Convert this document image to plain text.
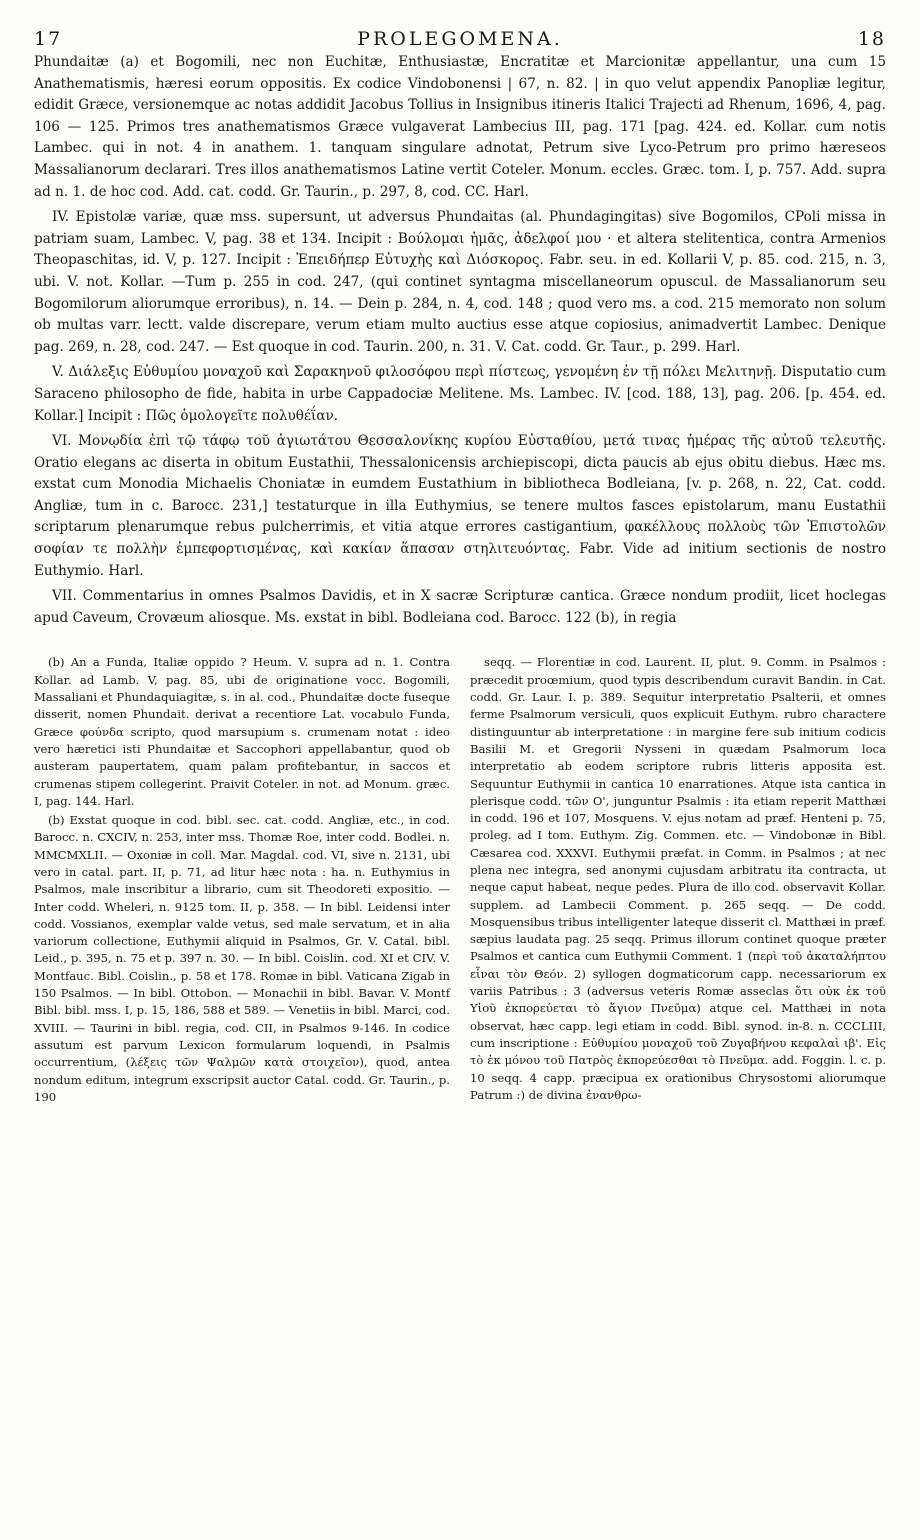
17	PROLEGOMENA.	18

Phundaitæ (a) et Bogomili, nec non Euchitæ, Enthusiastæ, Encratitæ et Marcionitæ appellantur, una cum 15 Anathematismis, hæresi eorum oppositis. Ex codice Vindobonensi | 67, n. 82. | in quo velut appendix Panopliæ legitur, edidit Græce, versionemque ac notas addidit Jacobus Tollius in Insignibus itineris Italici Trajecti ad Rhenum, 1696, 4, pag. 106 — 125. Primos tres anathematismos Græce vulgaverat Lambecius III, pag. 171 [pag. 424. ed. Kollar. cum notis Lambec. qui in not. 4 in anathem. 1. tanquam singulare adnotat, Petrum sive Lyco-Petrum pro primo hæreseos Massalianorum declarari. Tres illos anathematismos Latine vertit Coteler. Monum. eccles. Græc. tom. I, p. 757. Add. supra ad n. 1. de hoc cod. Add. cat. codd. Gr. Taurin., p. 297, 8, cod. CC. Harl.

IV. Epistolæ variæ, quæ mss. supersunt, ut adversus Phundaitas (al. Phundagingitas) sive Bogomilos, CPoli missa in patriam suam, Lambec. V, pag. 38 et 134. Incipit : Βούλομαι ἡμᾶς, ἀδελφοί μου · et altera stelitentica, contra Armenios Theopaschitas, id. V, p. 127. Incipit : Ἐπειδήπερ Εὐτυχὴς καὶ Διόσκορος. Fabr. seu. in ed. Kollarii V, p. 85. cod. 215, n. 3, ubi. V. not. Kollar. —Tum p. 255 in cod. 247, (qui continet syntagma miscellaneorum opuscul. de Massalianorum seu Bogomilorum aliorumque erroribus), n. 14. — Dein p. 284, n. 4, cod. 148 ; quod vero ms. a cod. 215 memorato non solum ob multas varr. lectt. valde discrepare, verum etiam multo auctius esse atque copiosius, animadvertit Lambec. Denique pag. 269, n. 28, cod. 247. — Est quoque in cod. Taurin. 200, n. 31. V. Cat. codd. Gr. Taur., p. 299. Harl.

V. Διάλεξις Εὐθυμίου μοναχοῦ καὶ Σαρακηνοῦ φιλοσόφου περὶ πίστεως, γενομένη ἐν τῇ πόλει Μελιτηνῇ. Disputatio cum Saraceno philosopho de fide, habita in urbe Cappadociæ Melitene. Ms. Lambec. IV. [cod. 188, 13], pag. 206. [p. 454. ed. Kollar.] Incipit : Πῶς ὁμολογεῖτε πολυθέΐαν.

VI. Μονῳδία ἐπὶ τῷ τάφῳ τοῦ ἁγιωτάτου Θεσσαλονίκης κυρίου Εὐσταθίου, μετά τινας ἡμέρας τῆς αὐτοῦ τελευτῆς. Oratio elegans ac diserta in obitum Eustathii, Thessalonicensis archiepiscopi, dicta paucis ab ejus obitu diebus. Hæc ms. exstat cum Monodia Michaelis Choniatæ in eumdem Eustathium in bibliotheca Bodleiana, [v. p. 268, n. 22, Cat. codd. Angliæ, tum in c. Barocc. 231,] testaturque in illa Euthymius, se tenere multos fasces epistolarum, manu Eustathii scriptarum plenarumque rebus pulcherrimis, et vitia atque errores castigantium, φακέλλους πολλοὺς τῶν Ἐπιστολῶν σοφίαν τε πολλὴν ἐμπεφορτισμένας, καὶ κακίαν ἅπασαν στηλιτευόντας. Fabr. Vide ad initium sectionis de nostro Euthymio. Harl.

VII. Commentarius in omnes Psalmos Davidis, et in X sacræ Scripturæ cantica. Græce nondum prodiit, licet hoclegas apud Caveum, Crovæum aliosque. Ms. exstat in bibl. Bodleiana cod. Barocc. 122 (b), in regia

(b) An a Funda, Italiæ oppido ? Heum. V. supra ad n. 1. Contra Kollar. ad Lamb. V, pag. 85, ubi de originatione vocc. Bogomili, Massaliani et Phundaquiagitæ, s. in al. cod., Phundaitæ docte fuseque disserit, nomen Phundait. derivat a recentiore Lat. vocabulo Funda, Græce φούνδα scripto, quod marsupium s. crumenam notat : ideo vero hæretici isti Phundaitæ et Saccophori appellabantur, quod ob austeram paupertatem, quam palam profitebantur, in saccos et crumenas stipem collegerint. Praivit Coteler. in not. ad Monum. græc. I, pag. 144. Harl.

(b) Exstat quoque in cod. bibl. sec. cat. codd. Angliæ, etc., in cod. Barocc. n. CXCIV, n. 253, inter mss. Thomæ Roe, inter codd. Bodlei. n. MMCMXLII. — Oxoniæ in coll. Mar. Magdal. cod. VI, sive n. 2131, ubi vero in catal. part. II, p. 71, ad litur hæc nota : ha. n. Euthymius in Psalmos, male inscribitur a librario, cum sit Theodoreti expositio. — Inter codd. Wheleri, n. 9125 tom. II, p. 358. — In bibl. Leidensi inter codd. Vossianos, exemplar valde vetus, sed male servatum, et in alia variorum collectione, Euthymii aliquid in Psalmos, Gr. V. Catal. bibl. Leid., p. 395, n. 75 et p. 397 n. 30. — In bibl. Coislin. cod. XI et CIV. V. Montfauc. Bibl. Coislin., p. 58 et 178. Romæ in bibl. Vaticana Zigab in 150 Psalmos. — In bibl. Ottobon. — Monachii in bibl. Bavar. V. Montf Bibl. bibl. mss. I, p. 15, 186, 588 et 589. — Venetiis in bibl. Marci, cod. XVIII. — Taurini in bibl. regia, cod. CII, in Psalmos 9-146. In codice assutum est parvum Lexicon formularum loquendi, in Psalmis occurrentium, (λέξεις τῶν Ψαλμῶν κατὰ στοιχεῖον), quod, antea nondum editum, integrum exscripsit auctor Catal. codd. Gr. Taurin., p. 190

seqq. — Florentiæ in cod. Laurent. II, plut. 9. Comm. in Psalmos : præcedit proœmium, quod typis describendum curavit Bandin. in Cat. codd. Gr. Laur. I. p. 389. Sequitur interpretatio Psalterii, et omnes ferme Psalmorum versiculi, quos explicuit Euthym. rubro charactere distinguuntur ab interpretatione : in margine fere sub initium codicis Basilii M. et Gregorii Nysseni in quædam Psalmorum loca interpretatio ab eodem scriptore rubris litteris apposita est. Sequuntur Euthymii in cantica 10 enarrationes. Atque ista cantica in plerisque codd. τῶν Ο', junguntur Psalmis : ita etiam reperit Matthæi in codd. 196 et 107, Mosquens. V. ejus notam ad præf. Henteni p. 75, proleg. ad I tom. Euthym. Zig. Commen. etc. — Vindobonæ in Bibl. Cæsarea cod. XXXVI. Euthymii præfat. in Comm. in Psalmos ; at nec plena nec integra, sed anonymi cujusdam arbitratu ita contracta, ut neque caput habeat, neque pedes. Plura de illo cod. observavit Kollar. supplem. ad Lambecii Comment. p. 265 seqq. — De codd. Mosquensibus tribus intelligenter lateque disserit cl. Matthæi in præf. sæpius laudata pag. 25 seqq. Primus illorum continet quoque præter Psalmos et cantica cum Euthymii Comment. 1 (περὶ τοῦ ἀκαταλήπτου εἶναι τὸν Θεόν. 2) syllogen dogmaticorum capp. necessariorum ex variis Patribus : 3 (adversus veteris Romæ asseclas ὅτι οὐκ ἐκ τοῦ Υἱοῦ ἐκπορεύεται τὸ ἅγιον Πνεῦμα) atque cel. Matthæi in nota observat, hæc capp. legi etiam in codd. Bibl. synod. in-8. n. CCCLIII, cum inscriptione : Εὐθυμίου μοναχοῦ τοῦ Ζυγαβήνου κεφαλαὶ ιβ'. Εἰς τὸ ἐκ μόνου τοῦ Πατρὸς ἐκπορεύεσθαι τὸ Πνεῦμα. add. Foggin. l. c. p. 10 seqq. 4 capp. præcipua ex orationibus Chrysostomi aliorumque Patrum :) de divina ἐνανθρω-
